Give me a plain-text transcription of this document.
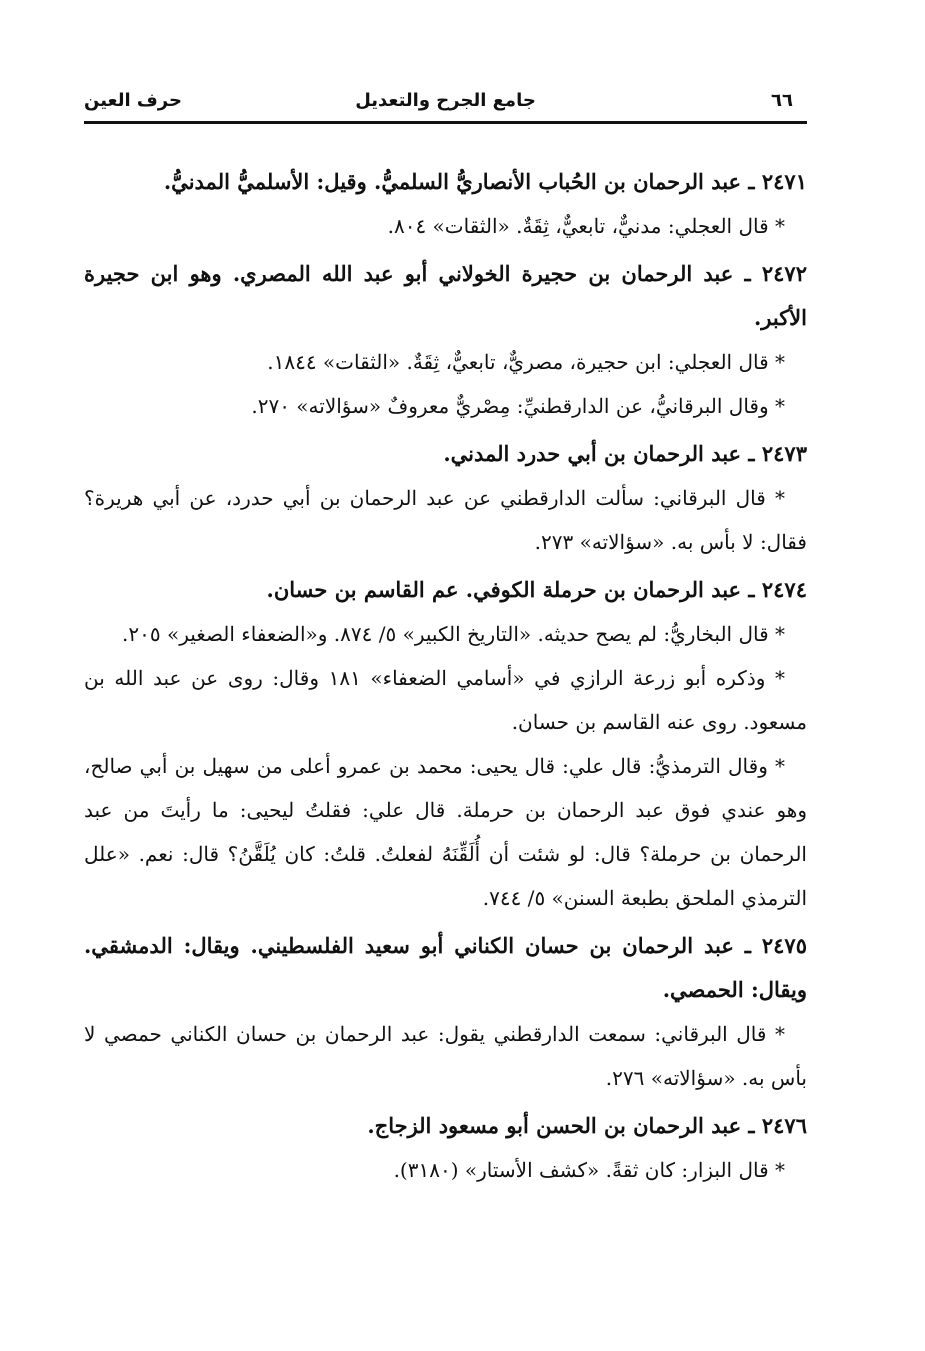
٦٦
جامع الجرح والتعديل
حرف العين
٢٤٧١ ـ عبد الرحمان بن الحُباب الأنصاريُّ السلميُّ. وقيل: الأسلميُّ المدنيُّ.

* قال العجلي: مدنيٌّ، تابعيٌّ، ثِقَةٌ. «الثقات» ٨٠٤.

٢٤٧٢ ـ عبد الرحمان بن حجيرة الخولاني أبو عبد الله المصري. وهو ابن حجيرة الأكبر.

* قال العجلي: ابن حجيرة، مصريٌّ، تابعيٌّ، ثِقَةٌ. «الثقات» ١٨٤٤.

* وقال البرقانيُّ، عن الدارقطنيِّ: مِصْريٌّ معروفٌ «سؤالاته» ٢٧٠.

٢٤٧٣ ـ عبد الرحمان بن أبي حدرد المدني.

* قال البرقاني: سألت الدارقطني عن عبد الرحمان بن أبي حدرد، عن أبي هريرة؟ فقال: لا بأس به. «سؤالاته» ٢٧٣.

٢٤٧٤ ـ عبد الرحمان بن حرملة الكوفي. عم القاسم بن حسان.

* قال البخاريُّ: لم يصح حديثه. «التاريخ الكبير» ٥/ ٨٧٤. و«الضعفاء الصغير» ٢٠٥.

* وذكره أبو زرعة الرازي في «أسامي الضعفاء» ١٨١ وقال: روى عن عبد الله بن مسعود. روى عنه القاسم بن حسان.

* وقال الترمذيُّ: قال علي: قال يحيى: محمد بن عمرو أعلى من سهيل بن أبي صالح، وهو عندي فوق عبد الرحمان بن حرملة. قال علي: فقلتُ ليحيى: ما رأيتَ من عبد الرحمان بن حرملة؟ قال: لو شئت أن أُلَقِّنَهُ لفعلتُ. قلتُ: كان يُلَقَّنُ؟ قال: نعم. «علل الترمذي الملحق بطبعة السنن» ٥/ ٧٤٤.

٢٤٧٥ ـ عبد الرحمان بن حسان الكناني أبو سعيد الفلسطيني. ويقال: الدمشقي. ويقال: الحمصي.

* قال البرقاني: سمعت الدارقطني يقول: عبد الرحمان بن حسان الكناني حمصي لا بأس به. «سؤالاته» ٢٧٦.

٢٤٧٦ ـ عبد الرحمان بن الحسن أبو مسعود الزجاج.

* قال البزار: كان ثقةً. «كشف الأستار» (٣١٨٠).
